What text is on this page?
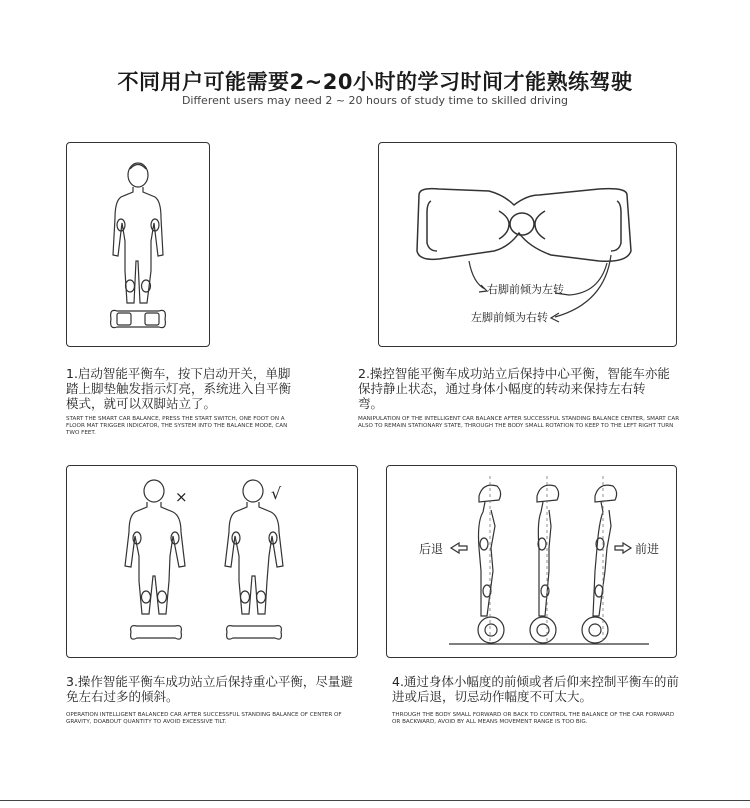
不同用户可能需要2~20小时的学习时间才能熟练驾驶
Different users may need 2 ~ 20 hours of study time to skilled driving
1.启动智能平衡车，按下启动开关，单脚踏上脚垫触发指示灯亮，系统进入自平衡模式，就可以双脚站立了。
START THE SMART CAR BALANCE, PRESS THE START SWITCH, ONE FOOT ON A FLOOR MAT TRIGGER INDICATOR, THE SYSTEM INTO THE BALANCE MODE, CAN TWO FEET.
右脚前倾为左转
左脚前倾为右转
2.操控智能平衡车成功站立后保持中心平衡，智能车亦能保持静止状态，通过身体小幅度的转动来保持左右转弯。
MANIPULATION OF THE INTELLIGENT CAR BALANCE AFTER SUCCESSFUL STANDING BALANCE CENTER, SMART CAR ALSO TO REMAIN STATIONARY STATE, THROUGH THE BODY SMALL ROTATION TO KEEP TO THE LEFT RIGHT TURN
×	√
3.操作智能平衡车成功站立后保持重心平衡，尽量避免左右过多的倾斜。
OPERATION INTELLIGENT BALANCED CAR AFTER SUCCESSFUL STANDING BALANCE OF CENTER OF GRAVITY, DOABOUT QUANTITY TO AVOID EXCESSIVE TILT.
后退	前进
4.通过身体小幅度的前倾或者后仰来控制平衡车的前进或后退，切忌动作幅度不可太大。
THROUGH THE BODY SMALL FORWARD OR BACK TO CONTROL THE BALANCE OF THE CAR FORWARD OR BACKWARD, AVOID BY ALL MEANS MOVEMENT RANGE IS TOO BIG.
